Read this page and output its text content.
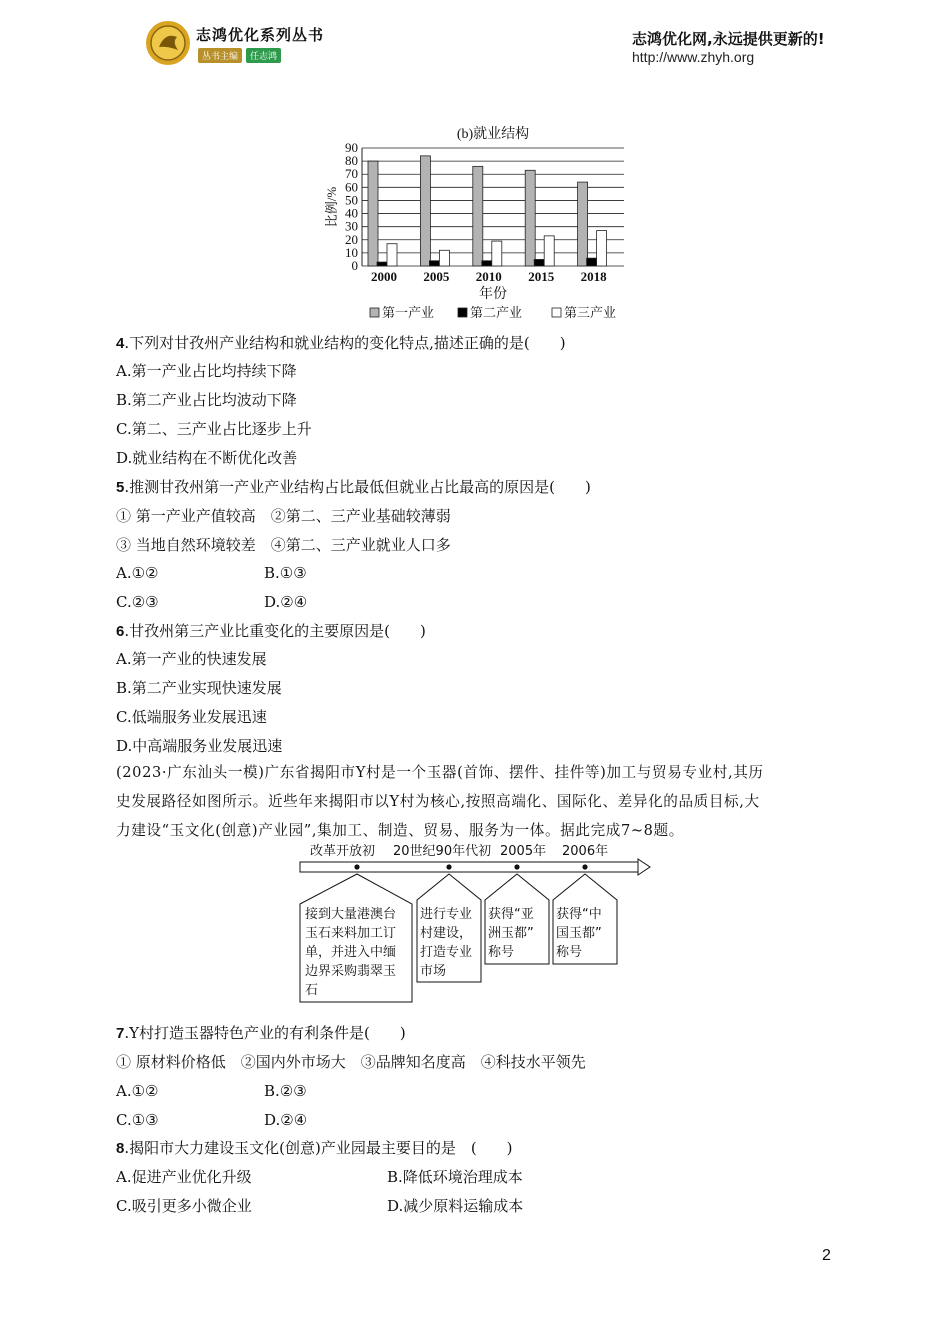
志鸿优化系列丛书
丛书主编	任志鸿
志鸿优化网,永远提供更新的!
http://www.zhyh.org
(b)就业结构
0
10
20
30
40
50
60
70
80
90
比例/%
2000 2005 2010 2015 2018
年份
第一产业	第二产业	第三产业
4.下列对甘孜州产业结构和就业结构的变化特点,描述正确的是(　　)
A.第一产业占比均持续下降
B.第二产业占比均波动下降
C.第二、三产业占比逐步上升
D.就业结构在不断优化改善
5.推测甘孜州第一产业产业结构占比最低但就业占比最高的原因是(　　)
① 第一产业产值较高　②第二、三产业基础较薄弱
③ 当地自然环境较差　④第二、三产业就业人口多
A.①②	B.①③
C.②③	D.②④
6.甘孜州第三产业比重变化的主要原因是(　　)
A.第一产业的快速发展
B.第二产业实现快速发展
C.低端服务业发展迅速
D.中高端服务业发展迅速
(2023·广东汕头一模)广东省揭阳市Y村是一个玉器(首饰、摆件、挂件等)加工与贸易专业村,其历
史发展路径如图所示。近些年来揭阳市以Y村为核心,按照高端化、国际化、差异化的品质目标,大
力建设“玉文化(创意)产业园”,集加工、制造、贸易、服务为一体。据此完成7~8题。
改革开放初 20世纪90年代初 2005年 2006年
接到大量港澳台
玉石来料加工订
单，并进入中缅
边界采购翡翠玉
石
进行专业
村建设，
打造专业
市场
获得“亚
洲玉都”
称号
获得“中
国玉都”
称号
7.Y村打造玉器特色产业的有利条件是(　　)
① 原材料价格低　②国内外市场大　③品牌知名度高　④科技水平领先
A.①②	B.②③
C.①③	D.②④
8.揭阳市大力建设玉文化(创意)产业园最主要目的是　(　　)
A.促进产业优化升级	B.降低环境治理成本
C.吸引更多小微企业	D.减少原料运输成本
2
